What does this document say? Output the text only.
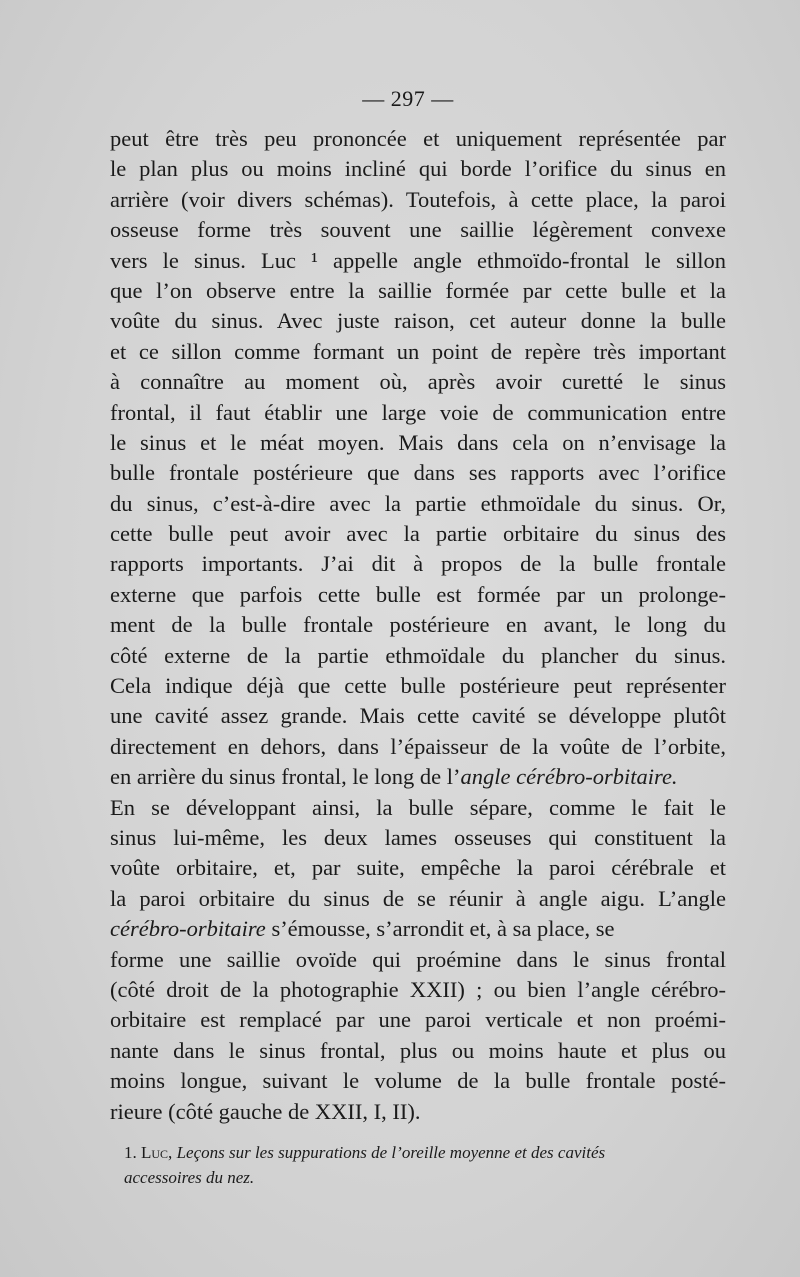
— 297 —
peut être très peu prononcée et uniquement représentée par
le plan plus ou moins incliné qui borde l’orifice du sinus en
arrière (voir divers schémas). Toutefois, à cette place, la paroi
osseuse forme très souvent une saillie légèrement convexe
vers le sinus. Luc ¹ appelle angle ethmoïdo-frontal le sillon
que l’on observe entre la saillie formée par cette bulle et la
voûte du sinus. Avec juste raison, cet auteur donne la bulle
et ce sillon comme formant un point de repère très important
à connaître au moment où, après avoir curetté le sinus
frontal, il faut établir une large voie de communication entre
le sinus et le méat moyen. Mais dans cela on n’envisage la
bulle frontale postérieure que dans ses rapports avec l’orifice
du sinus, c’est-à-dire avec la partie ethmoïdale du sinus. Or,
cette bulle peut avoir avec la partie orbitaire du sinus des
rapports importants. J’ai dit à propos de la bulle frontale
externe que parfois cette bulle est formée par un prolonge-
ment de la bulle frontale postérieure en avant, le long du
côté externe de la partie ethmoïdale du plancher du sinus.
Cela indique déjà que cette bulle postérieure peut représenter
une cavité assez grande. Mais cette cavité se développe plutôt
directement en dehors, dans l’épaisseur de la voûte de l’orbite,
en arrière du sinus frontal, le long de l’angle cérébro-orbitaire.
En se développant ainsi, la bulle sépare, comme le fait le
sinus lui-même, les deux lames osseuses qui constituent la
voûte orbitaire, et, par suite, empêche la paroi cérébrale et
la paroi orbitaire du sinus de se réunir à angle aigu. L’angle
cérébro-orbitaire s’émousse, s’arrondit et, à sa place, se
forme une saillie ovoïde qui proémine dans le sinus frontal
(côté droit de la photographie XXII) ; ou bien l’angle cérébro-
orbitaire est remplacé par une paroi verticale et non proémi-
nante dans le sinus frontal, plus ou moins haute et plus ou
moins longue, suivant le volume de la bulle frontale posté-
rieure (côté gauche de XXII, I, II).
1. Luc, Leçons sur les suppurations de l’oreille moyenne et des cavités
accessoires du nez.
